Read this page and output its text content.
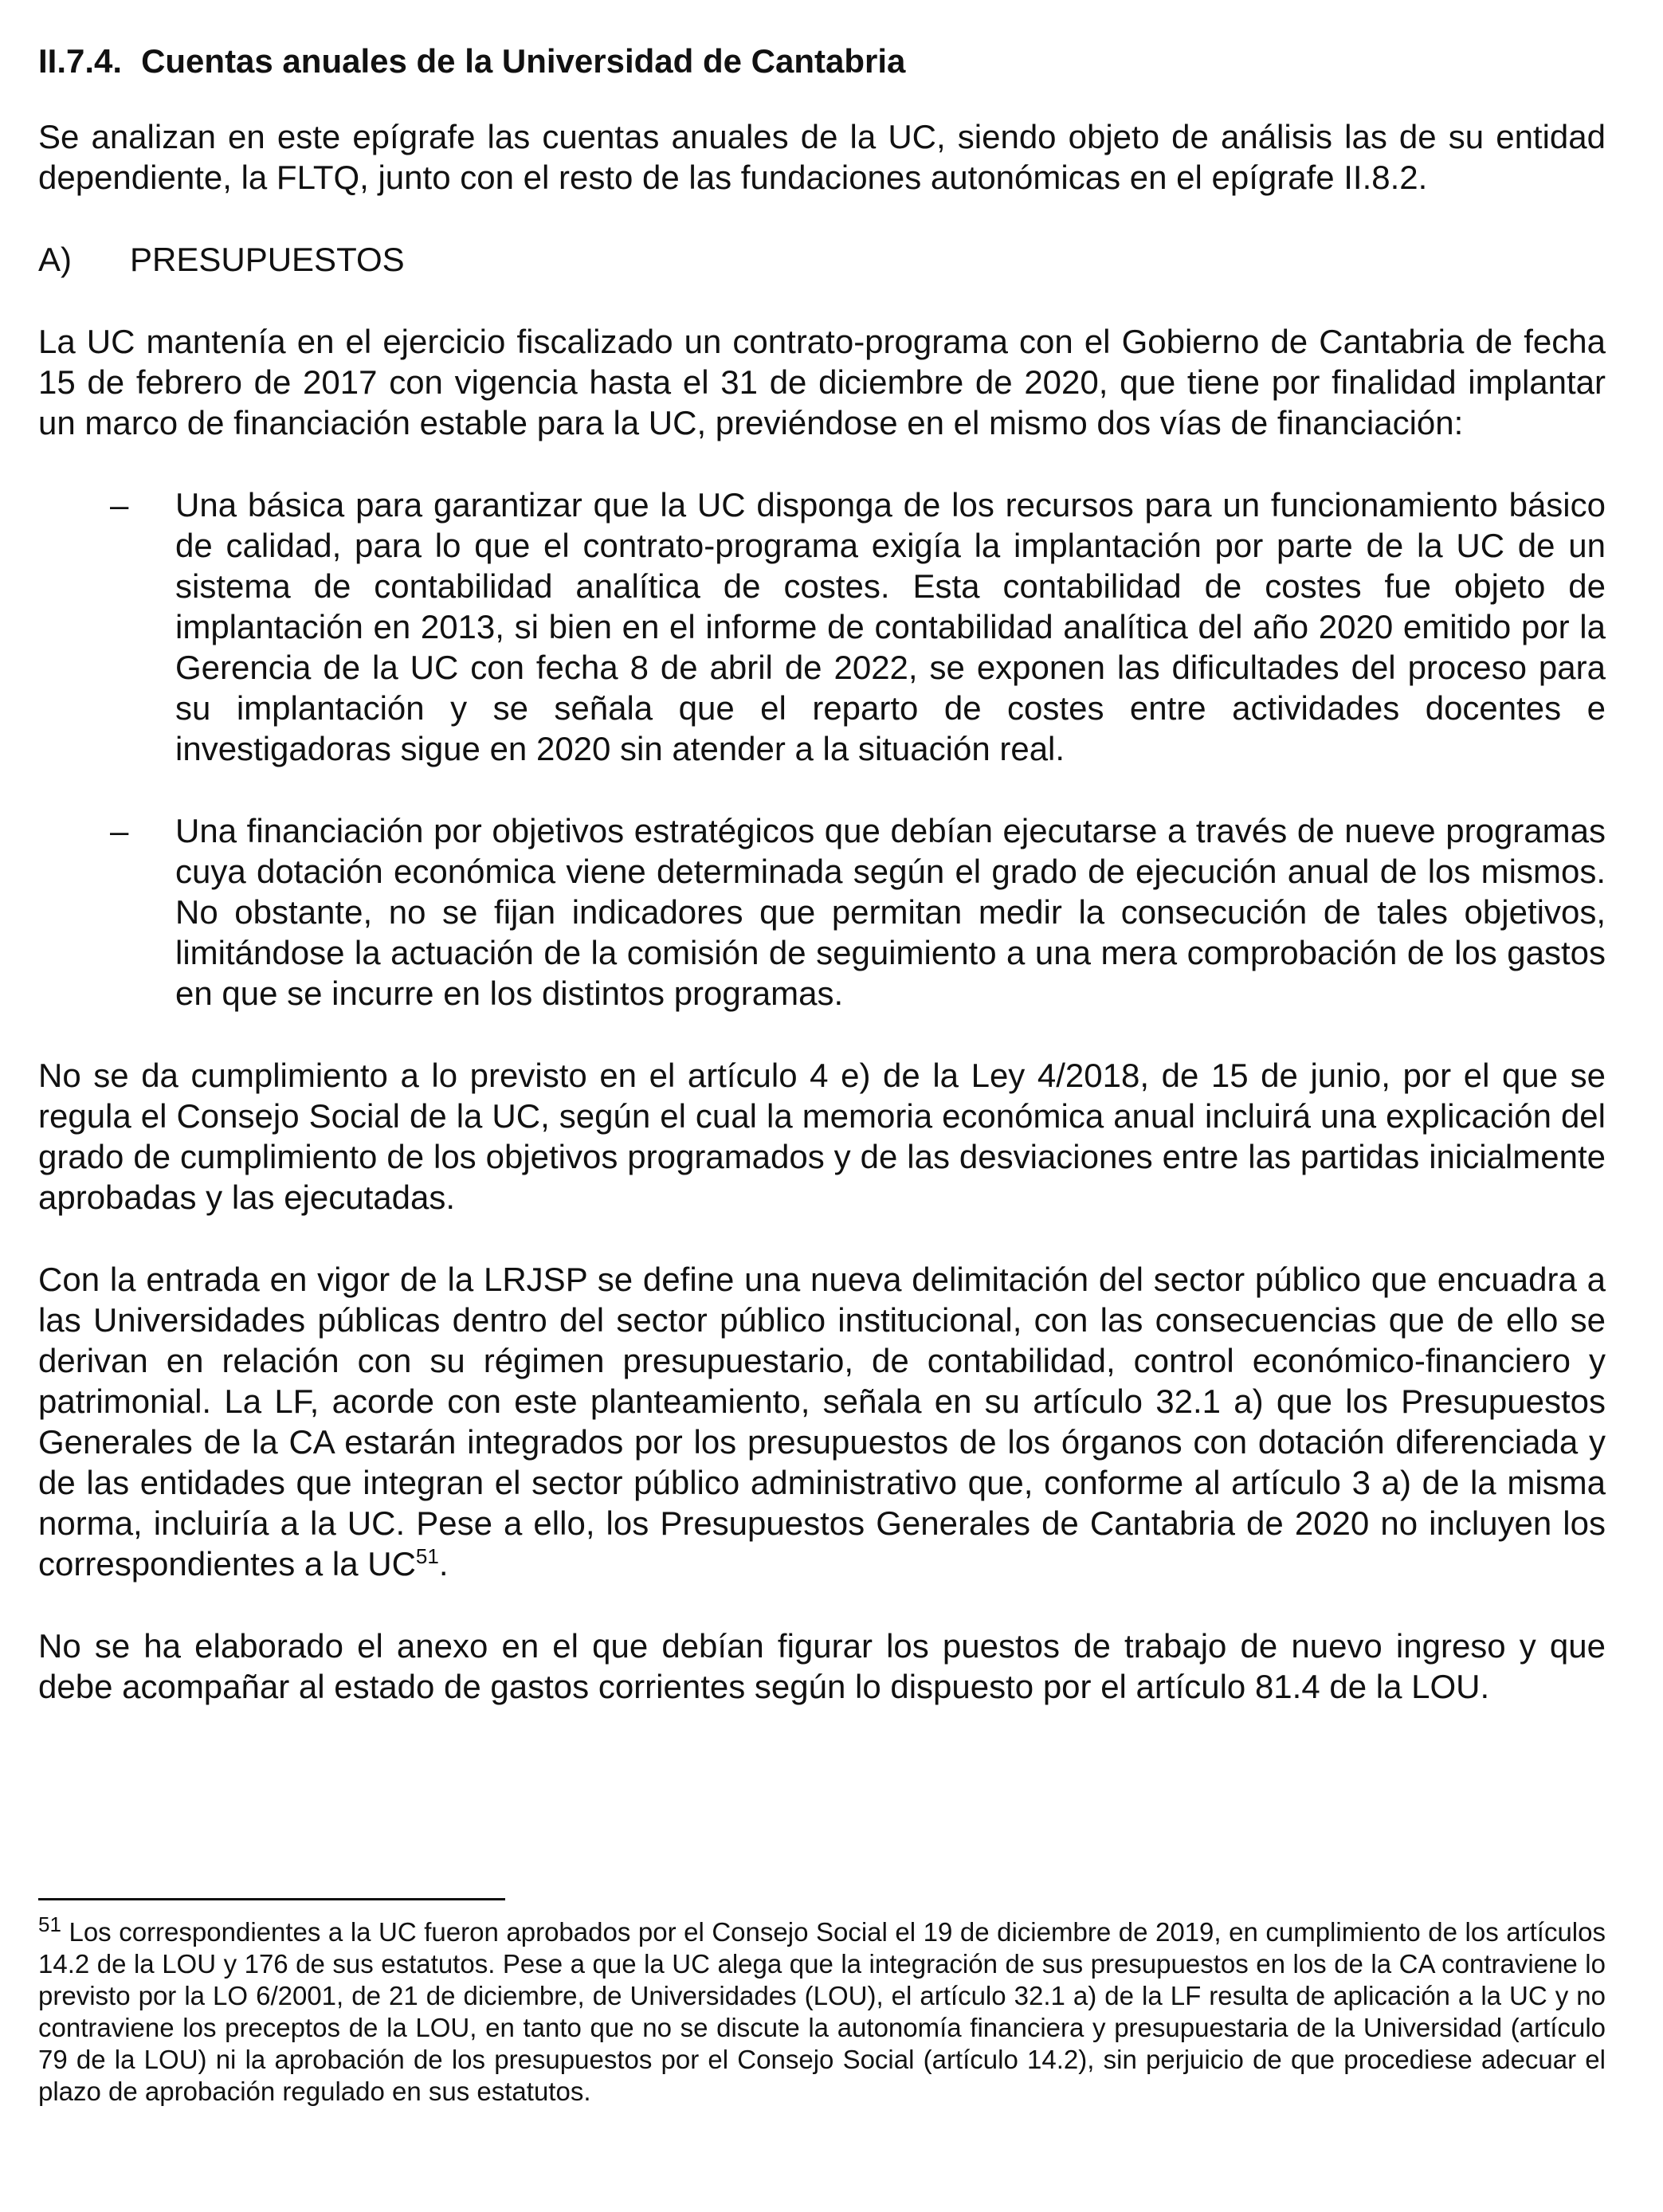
II.7.4. Cuentas anuales de la Universidad de Cantabria

Se analizan en este epígrafe las cuentas anuales de la UC, siendo objeto de análisis las de su entidad dependiente, la FLTQ, junto con el resto de las fundaciones autonómicas en el epígrafe II.8.2.

A) PRESUPUESTOS

La UC mantenía en el ejercicio fiscalizado un contrato-programa con el Gobierno de Cantabria de fecha 15 de febrero de 2017 con vigencia hasta el 31 de diciembre de 2020, que tiene por finalidad implantar un marco de financiación estable para la UC, previéndose en el mismo dos vías de financiación:

– Una básica para garantizar que la UC disponga de los recursos para un funcionamiento básico de calidad, para lo que el contrato-programa exigía la implantación por parte de la UC de un sistema de contabilidad analítica de costes. Esta contabilidad de costes fue objeto de implantación en 2013, si bien en el informe de contabilidad analítica del año 2020 emitido por la Gerencia de la UC con fecha 8 de abril de 2022, se exponen las dificultades del proceso para su implantación y se señala que el reparto de costes entre actividades docentes e investigadoras sigue en 2020 sin atender a la situación real.
– Una financiación por objetivos estratégicos que debían ejecutarse a través de nueve programas cuya dotación económica viene determinada según el grado de ejecución anual de los mismos. No obstante, no se fijan indicadores que permitan medir la consecución de tales objetivos, limitándose la actuación de la comisión de seguimiento a una mera comprobación de los gastos en que se incurre en los distintos programas.

No se da cumplimiento a lo previsto en el artículo 4 e) de la Ley 4/2018, de 15 de junio, por el que se regula el Consejo Social de la UC, según el cual la memoria económica anual incluirá una explicación del grado de cumplimiento de los objetivos programados y de las desviaciones entre las partidas inicialmente aprobadas y las ejecutadas.

Con la entrada en vigor de la LRJSP se define una nueva delimitación del sector público que encuadra a las Universidades públicas dentro del sector público institucional, con las consecuencias que de ello se derivan en relación con su régimen presupuestario, de contabilidad, control económico-financiero y patrimonial. La LF, acorde con este planteamiento, señala en su artículo 32.1 a) que los Presupuestos Generales de la CA estarán integrados por los presupuestos de los órganos con dotación diferenciada y de las entidades que integran el sector público administrativo que, conforme al artículo 3 a) de la misma norma, incluiría a la UC. Pese a ello, los Presupuestos Generales de Cantabria de 2020 no incluyen los correspondientes a la UC$^{51}$.

No se ha elaborado el anexo en el que debían figurar los puestos de trabajo de nuevo ingreso y que debe acompañar al estado de gastos corrientes según lo dispuesto por el artículo 81.4 de la LOU.

$^{51}$ Los correspondientes a la UC fueron aprobados por el Consejo Social el 19 de diciembre de 2019, en cumplimiento de los artículos 14.2 de la LOU y 176 de sus estatutos. Pese a que la UC alega que la integración de sus presupuestos en los de la CA contraviene lo previsto por la LO 6/2001, de 21 de diciembre, de Universidades (LOU), el artículo 32.1 a) de la LF resulta de aplicación a la UC y no contraviene los preceptos de la LOU, en tanto que no se discute la autonomía financiera y presupuestaria de la Universidad (artículo 79 de la LOU) ni la aprobación de los presupuestos por el Consejo Social (artículo 14.2), sin perjuicio de que procediese adecuar el plazo de aprobación regulado en sus estatutos.
